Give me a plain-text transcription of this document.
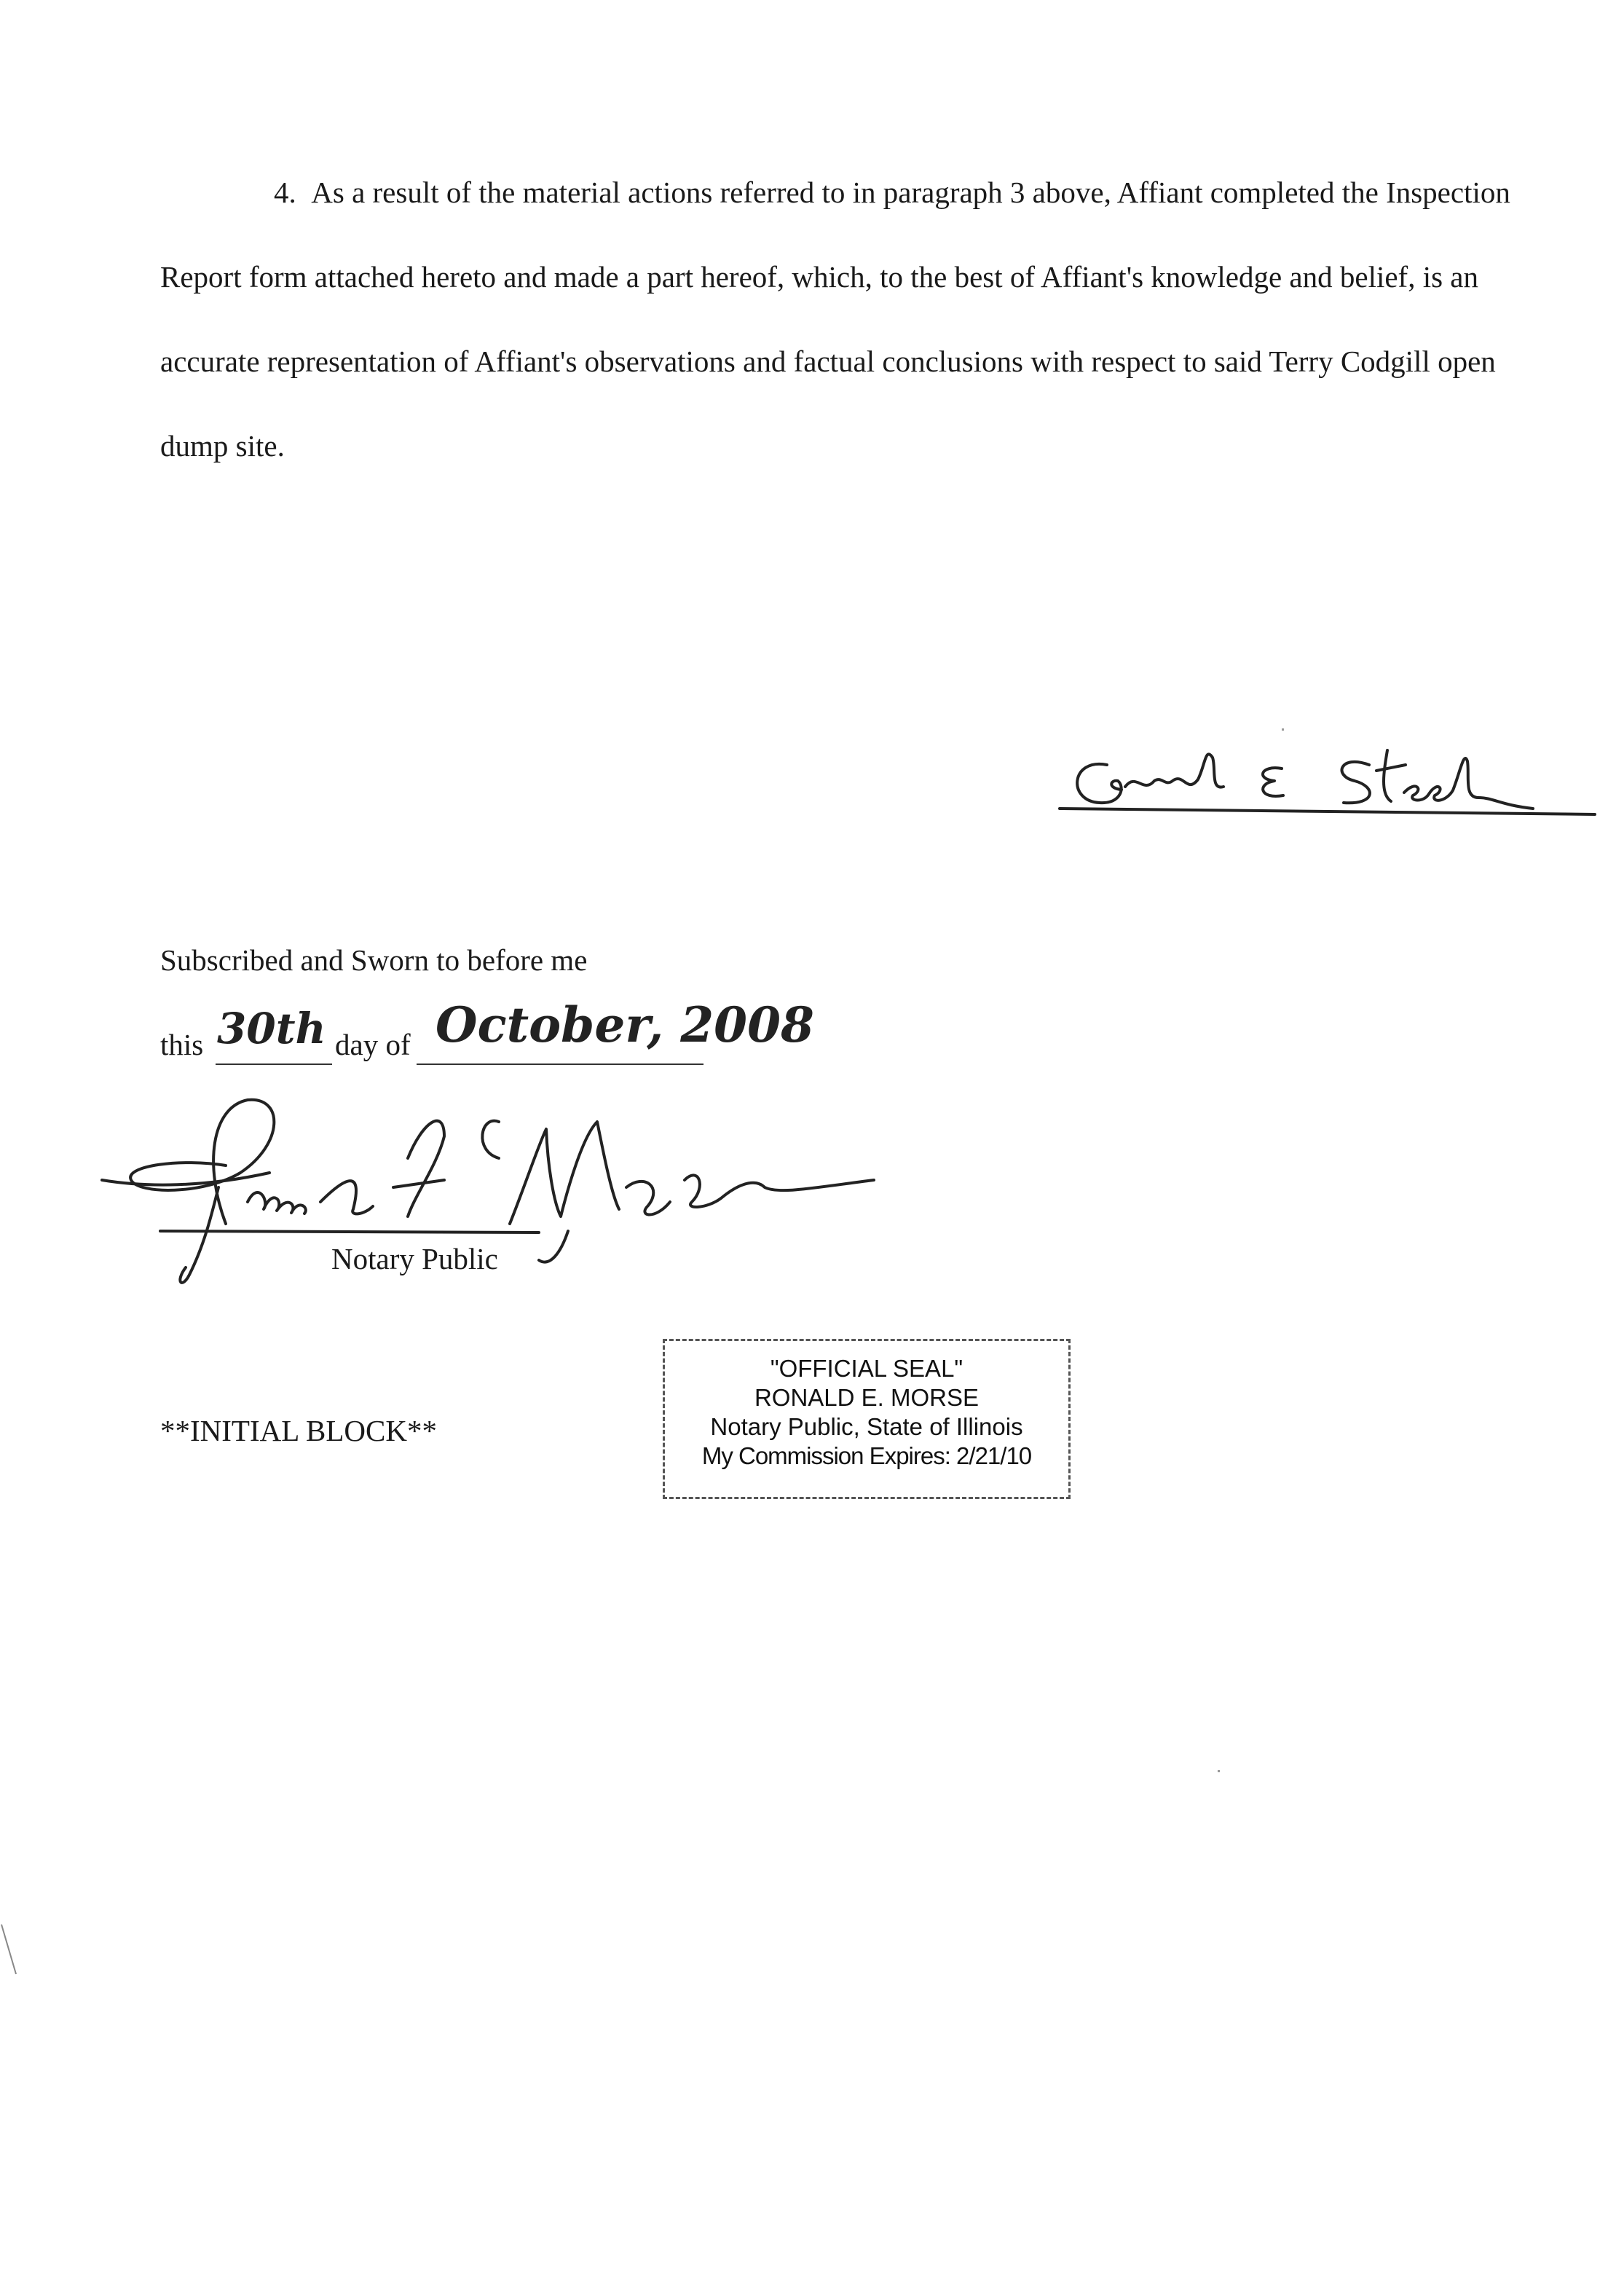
4. As a result of the material actions referred to in paragraph 3 above, Affiant completed the Inspection Report form attached hereto and made a part hereof, which, to the best of Affiant's knowledge and belief, is an accurate representation of Affiant's observations and factual conclusions with respect to said Terry Codgill open dump site.

Subscribed and Sworn to before me
this 30th day of October, 2008
Notary Public
**INITIAL BLOCK**
"OFFICIAL SEAL"
RONALD E. MORSE
Notary Public, State of Illinois
My Commission Expires: 2/21/10
